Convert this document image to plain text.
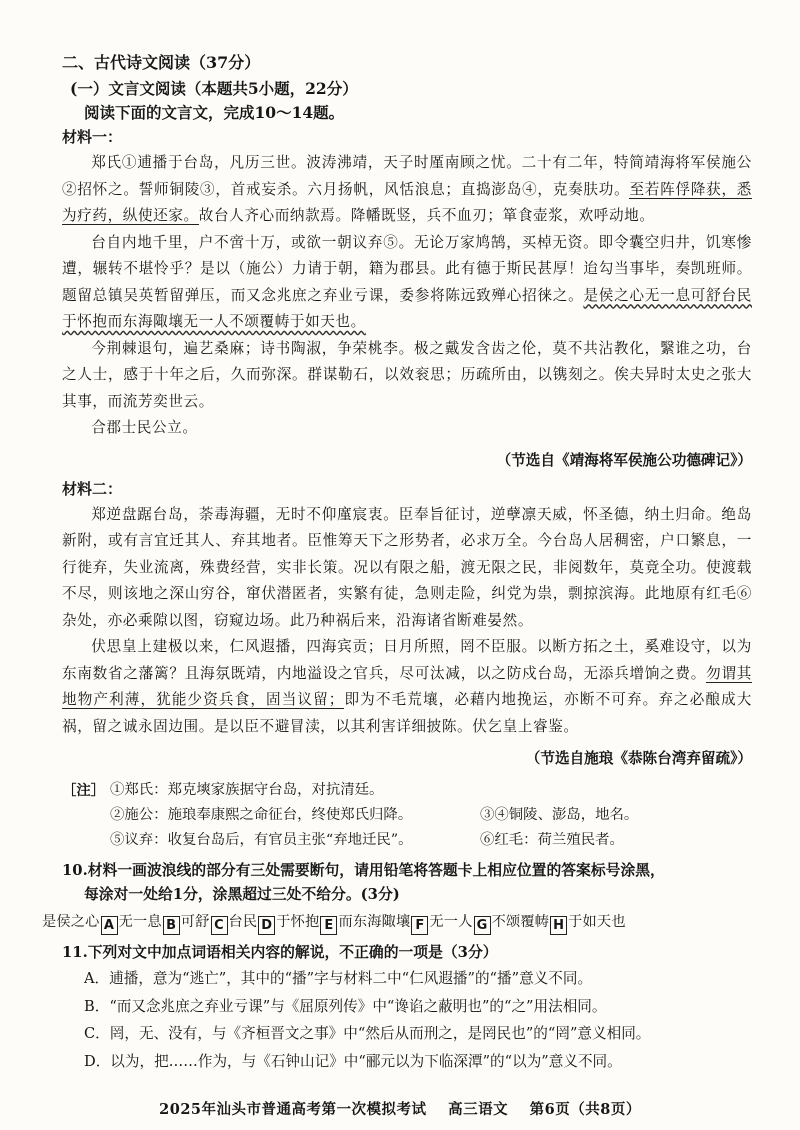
二、古代诗文阅读（37分）
(一）文言文阅读（本题共5小题，22分）
阅读下面的文言文，完成10～14题。
材料一：

郑氏①逋播于台岛，凡历三世。波涛沸靖，天子时厪南顾之忧。二十有二年，特简靖海将军侯施公②招怀之。誓师铜陵③，首戒妄杀。六月扬帆，风恬浪息；直捣澎岛④，克奏肤功。至若阵俘降获，悉为疗药，纵使还家。故台人齐心而纳款焉。降幡既竖，兵不血刃；箪食壶浆，欢呼动地。

台自内地千里，户不啻十万，或欲一朝议弃⑤。无论万家鸠鹄，买棹无资。即令囊空归井，饥寒惨遭，辗转不堪怜乎？是以（施公）力请于朝，籍为郡县。此有德于斯民甚厚！迨勾当事毕，奏凯班师。题留总镇吴英暂留弹压，而又念兆庶之弃业亏课，委参将陈远致殚心招徕之。是侯之心无一息可舒台民于怀抱而东海陬壤无一人不颂覆帱于如天也。

今荆棘退句，遍艺桑麻；诗书陶淑，争荣桃李。极之戴发含齿之伦，莫不共沾教化，繄谁之功，台之人士，感于十年之后，久而弥深。群谋勒石，以效衮思；历疏所由，以镌刻之。俟夫异时太史之张大其事，而流芳奕世云。

合郡士民公立。

（节选自《靖海将军侯施公功德碑记》）
材料二：

郑逆盘踞台岛，荼毒海疆，无时不仰廑宸衷。臣奉旨征讨，逆孽凛天威，怀圣德，纳土归命。绝岛新附，或有言宜迁其人、弃其地者。臣惟筹天下之形势者，必求万全。今台岛人居稠密，户口繁息，一行徙弃，失业流离，殊费经营，实非长策。况以有限之船，渡无限之民，非阅数年，莫竟全功。使渡载不尽，则该地之深山穷谷，窜伏潜匿者，实繁有徒，急则走险，纠党为祟，剽掠滨海。此地原有红毛⑥杂处，亦必乘隙以图，窃窥边场。此乃种祸后来，沿海诸省断难晏然。

伏思皇上建极以来，仁风遐播，四海宾贡；日月所照，罔不臣服。以断方拓之土，奚难设守，以为东南数省之藩篱？且海氛既靖，内地溢设之官兵，尽可汰减，以之防戍台岛，无添兵增饷之费。勿谓其地物产利薄，犹能少资兵食，固当议留；即为不毛荒壤，必藉内地挽运，亦断不可弃。弃之必酿成大祸，留之诚永固边围。是以臣不避冒渎，以其利害详细披陈。伏乞皇上睿鉴。

（节选自施琅《恭陈台湾弃留疏》）
［注］ ①郑氏：郑克塽家族据守台岛，对抗清廷。
②施公：施琅奉康熙之命征台，终使郑氏归降。	③④铜陵、澎岛，地名。
⑤议弃：收复台岛后，有官员主张“弃地迁民”。	⑥红毛：荷兰殖民者。
10.材料一画波浪线的部分有三处需要断句，请用铅笔将答题卡上相应位置的答案标号涂黑，
每涂对一处给1分，涂黑超过三处不给分。(3分)
是侯之心 A 无一息 B 可舒 C 台民 D 于怀抱 E 而东海陬壤 F 无一人 G 不颂覆帱 H 于如天也
11.下列对文中加点词语相关内容的解说，不正确的一项是（3分）
A．逋播，意为“逃亡”，其中的“播”字与材料二中“仁风遐播”的“播”意义不同。
B．“而又念兆庶之弃业亏课”与《屈原列传》中“谗谄之蔽明也”的“之”用法相同。
C．罔，无、没有，与《齐桓晋文之事》中“然后从而刑之，是罔民也”的“罔”意义相同。
D．以为，把……作为，与《石钟山记》中“郦元以为下临深潭”的“以为”意义不同。
2025年汕头市普通高考第一次模拟考试 高三语文 第6页（共8页）
